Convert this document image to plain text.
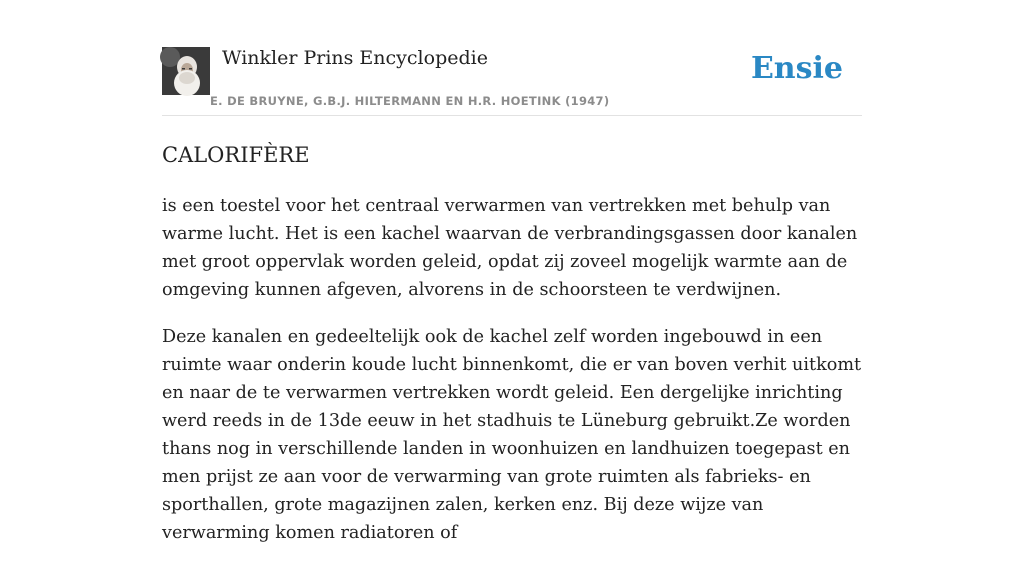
Winkler Prins Encyclopedie
E. DE BRUYNE, G.B.J. HILTERMANN EN H.R. HOETINK (1947)
Ensie
CALORIFÈRE

is een toestel voor het centraal verwarmen van vertrekken met behulp van warme lucht. Het is een kachel waarvan de verbrandingsgassen door kanalen met groot oppervlak worden geleid, opdat zij zoveel mogelijk warmte aan de omgeving kunnen afgeven, alvorens in de schoorsteen te verdwijnen.

Deze kanalen en gedeeltelijk ook de kachel zelf worden ingebouwd in een ruimte waar onderin koude lucht binnenkomt, die er van boven verhit uitkomt en naar de te verwarmen vertrekken wordt geleid. Een dergelijke inrichting werd reeds in de 13de eeuw in het stadhuis te Lüneburg gebruikt.Ze worden thans nog in verschillende landen in woonhuizen en landhuizen toegepast en men prijst ze aan voor de verwarming van grote ruimten als fabrieks- en sporthallen, grote magazijnen zalen, kerken enz. Bij deze wijze van verwarming komen radiatoren of
